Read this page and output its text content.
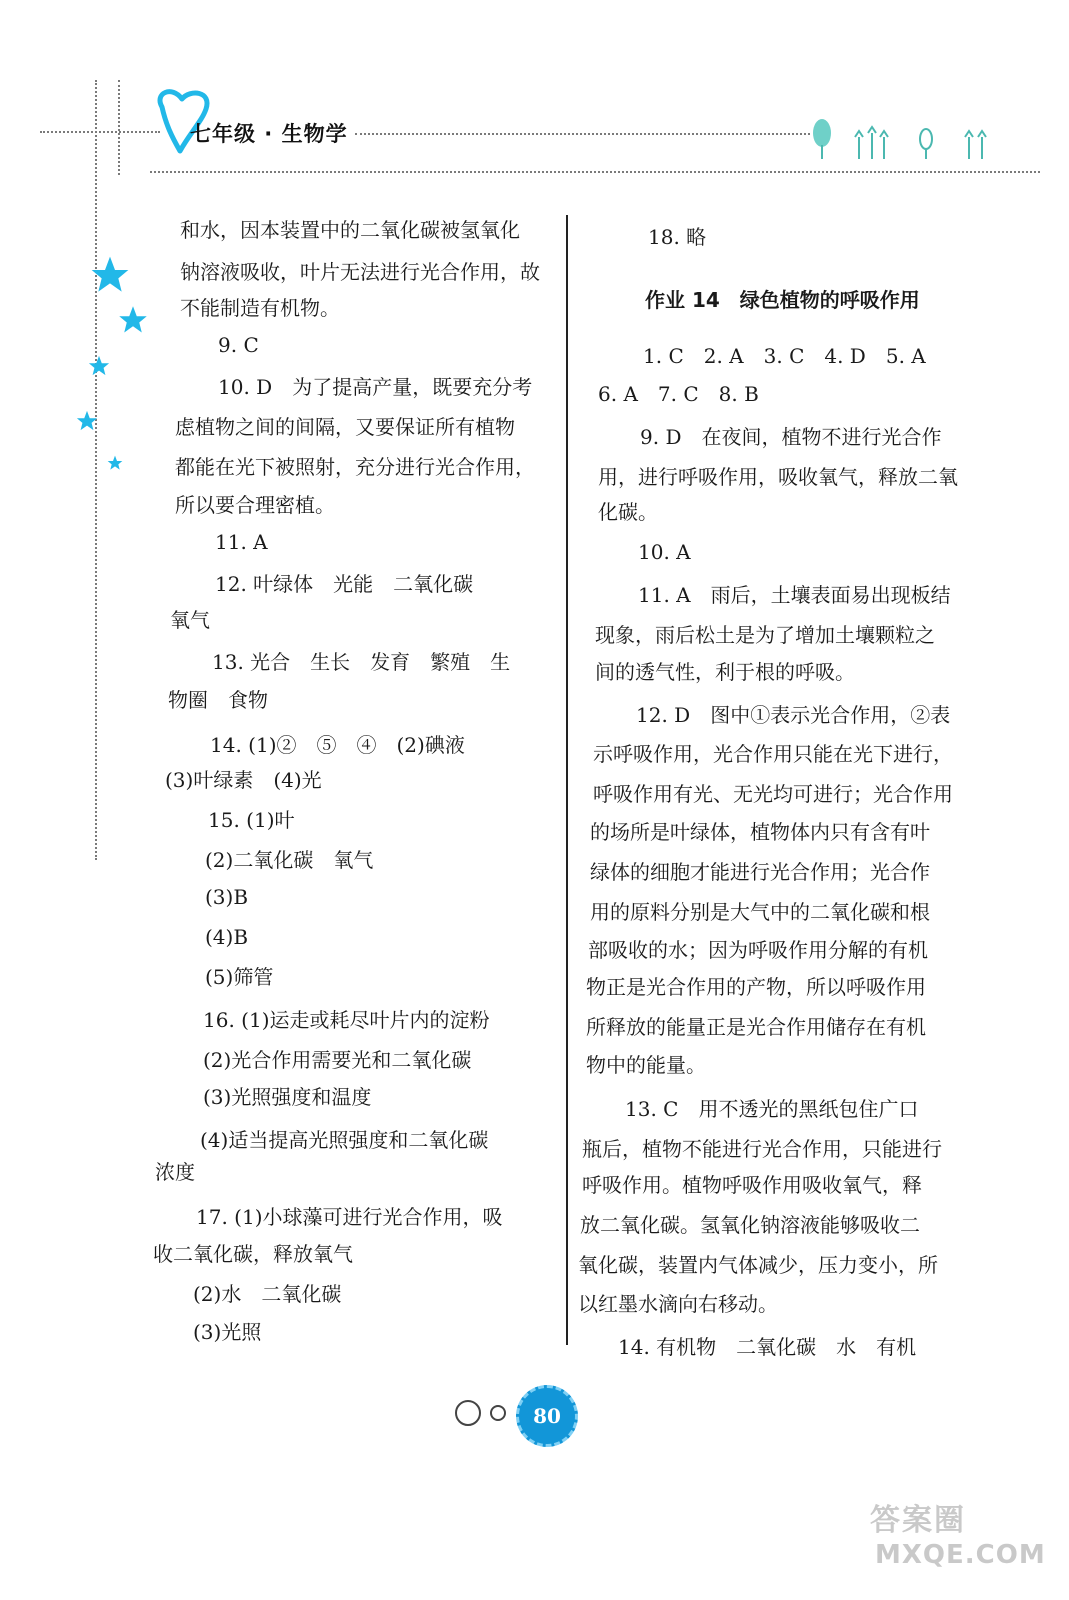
七年级 · 生物学
和水，因本装置中的二氧化碳被氢氧化
钠溶液吸收，叶片无法进行光合作用，故
不能制造有机物。
9. C
10. D　为了提高产量，既要充分考
虑植物之间的间隔，又要保证所有植物
都能在光下被照射，充分进行光合作用，
所以要合理密植。
11. A
12. 叶绿体　光能　二氧化碳
氧气
13. 光合　生长　发育　繁殖　生
物圈　食物
14. (1)②　⑤　④　(2)碘液
(3)叶绿素　(4)光
15. (1)叶
(2)二氧化碳　氧气
(3)B
(4)B
(5)筛管
16. (1)运走或耗尽叶片内的淀粉
(2)光合作用需要光和二氧化碳
(3)光照强度和温度
(4)适当提高光照强度和二氧化碳
浓度
17. (1)小球藻可进行光合作用，吸
收二氧化碳，释放氧气
(2)水　二氧化碳
(3)光照
18. 略
作业 14　绿色植物的呼吸作用
1. C　2. A　3. C　4. D　5. A
6. A　7. C　8. B
9. D　在夜间，植物不进行光合作
用，进行呼吸作用，吸收氧气，释放二氧
化碳。
10. A
11. A　雨后，土壤表面易出现板结
现象，雨后松土是为了增加土壤颗粒之
间的透气性，利于根的呼吸。
12. D　图中①表示光合作用，②表
示呼吸作用，光合作用只能在光下进行，
呼吸作用有光、无光均可进行；光合作用
的场所是叶绿体，植物体内只有含有叶
绿体的细胞才能进行光合作用；光合作
用的原料分别是大气中的二氧化碳和根
部吸收的水；因为呼吸作用分解的有机
物正是光合作用的产物，所以呼吸作用
所释放的能量正是光合作用储存在有机
物中的能量。
13. C　用不透光的黑纸包住广口
瓶后，植物不能进行光合作用，只能进行
呼吸作用。植物呼吸作用吸收氧气，释
放二氧化碳。氢氧化钠溶液能够吸收二
氧化碳，装置内气体减少，压力变小，所
以红墨水滴向右移动。
14. 有机物　二氧化碳　水　有机
80
答案圈
MXQE.COM
